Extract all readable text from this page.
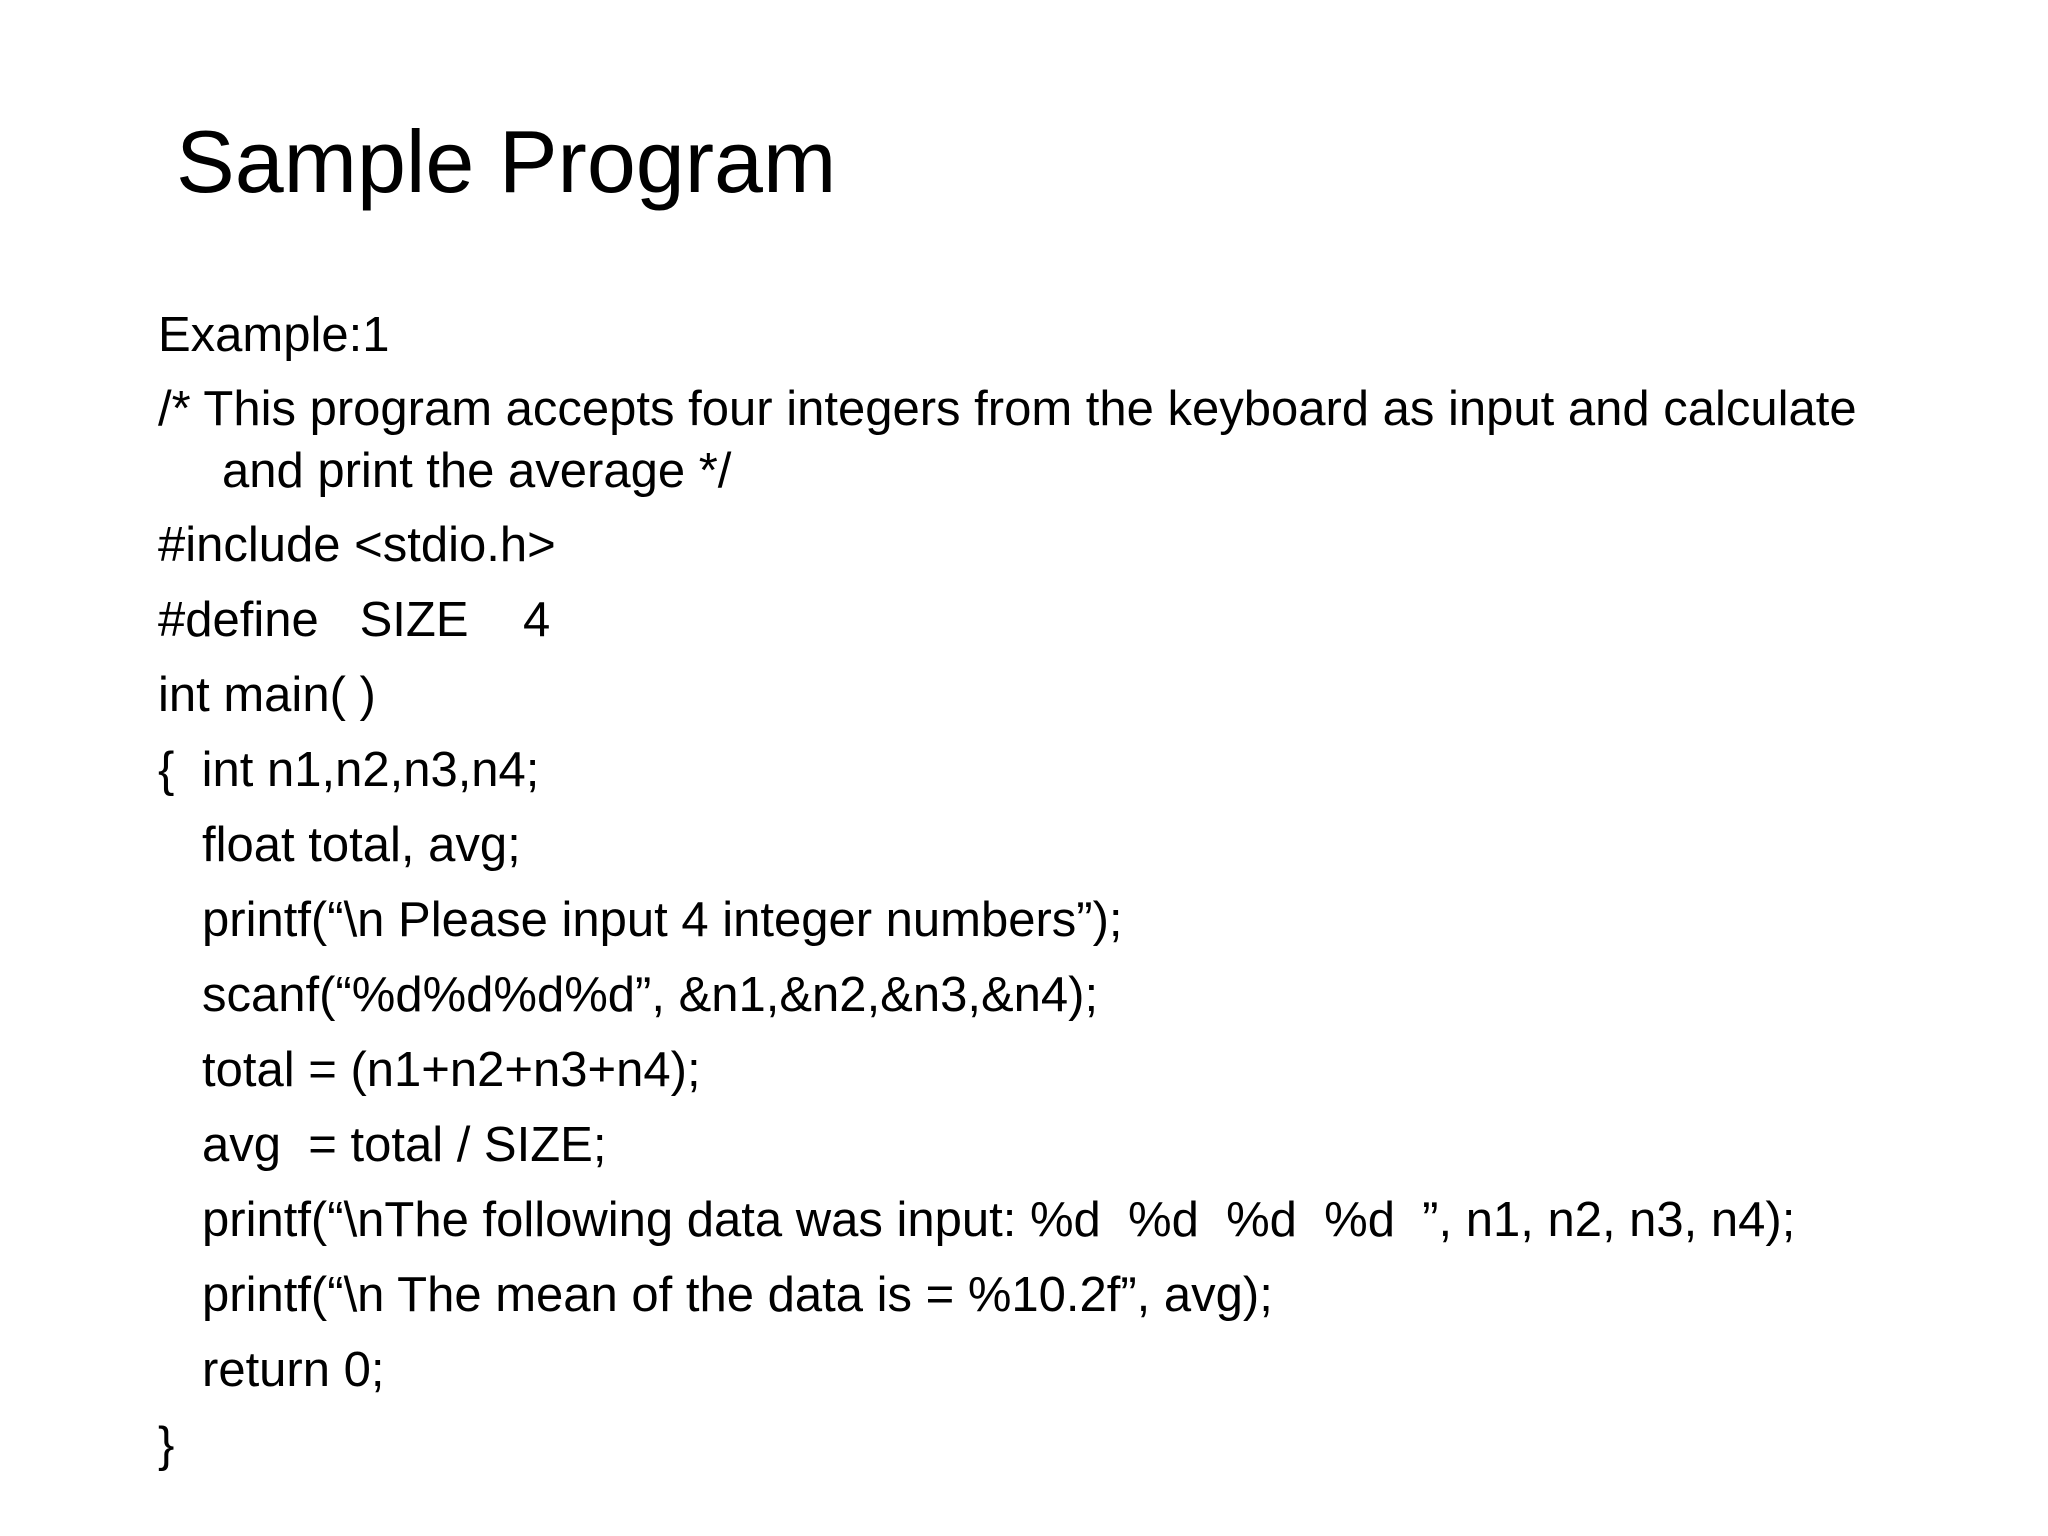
Sample Program
Example:1
/* This program accepts four integers from the keyboard as input and calculate
and print the average */
#include <stdio.h>
#define   SIZE    4
int main( )
{  int n1,n2,n3,n4;
float total, avg;
printf(“\n Please input 4 integer numbers”);
scanf(“%d%d%d%d”, &n1,&n2,&n3,&n4);
total = (n1+n2+n3+n4);
avg  = total / SIZE;
printf(“\nThe following data was input: %d  %d  %d  %d  ”, n1, n2, n3, n4);
printf(“\n The mean of the data is = %10.2f”, avg);
return 0;
}
